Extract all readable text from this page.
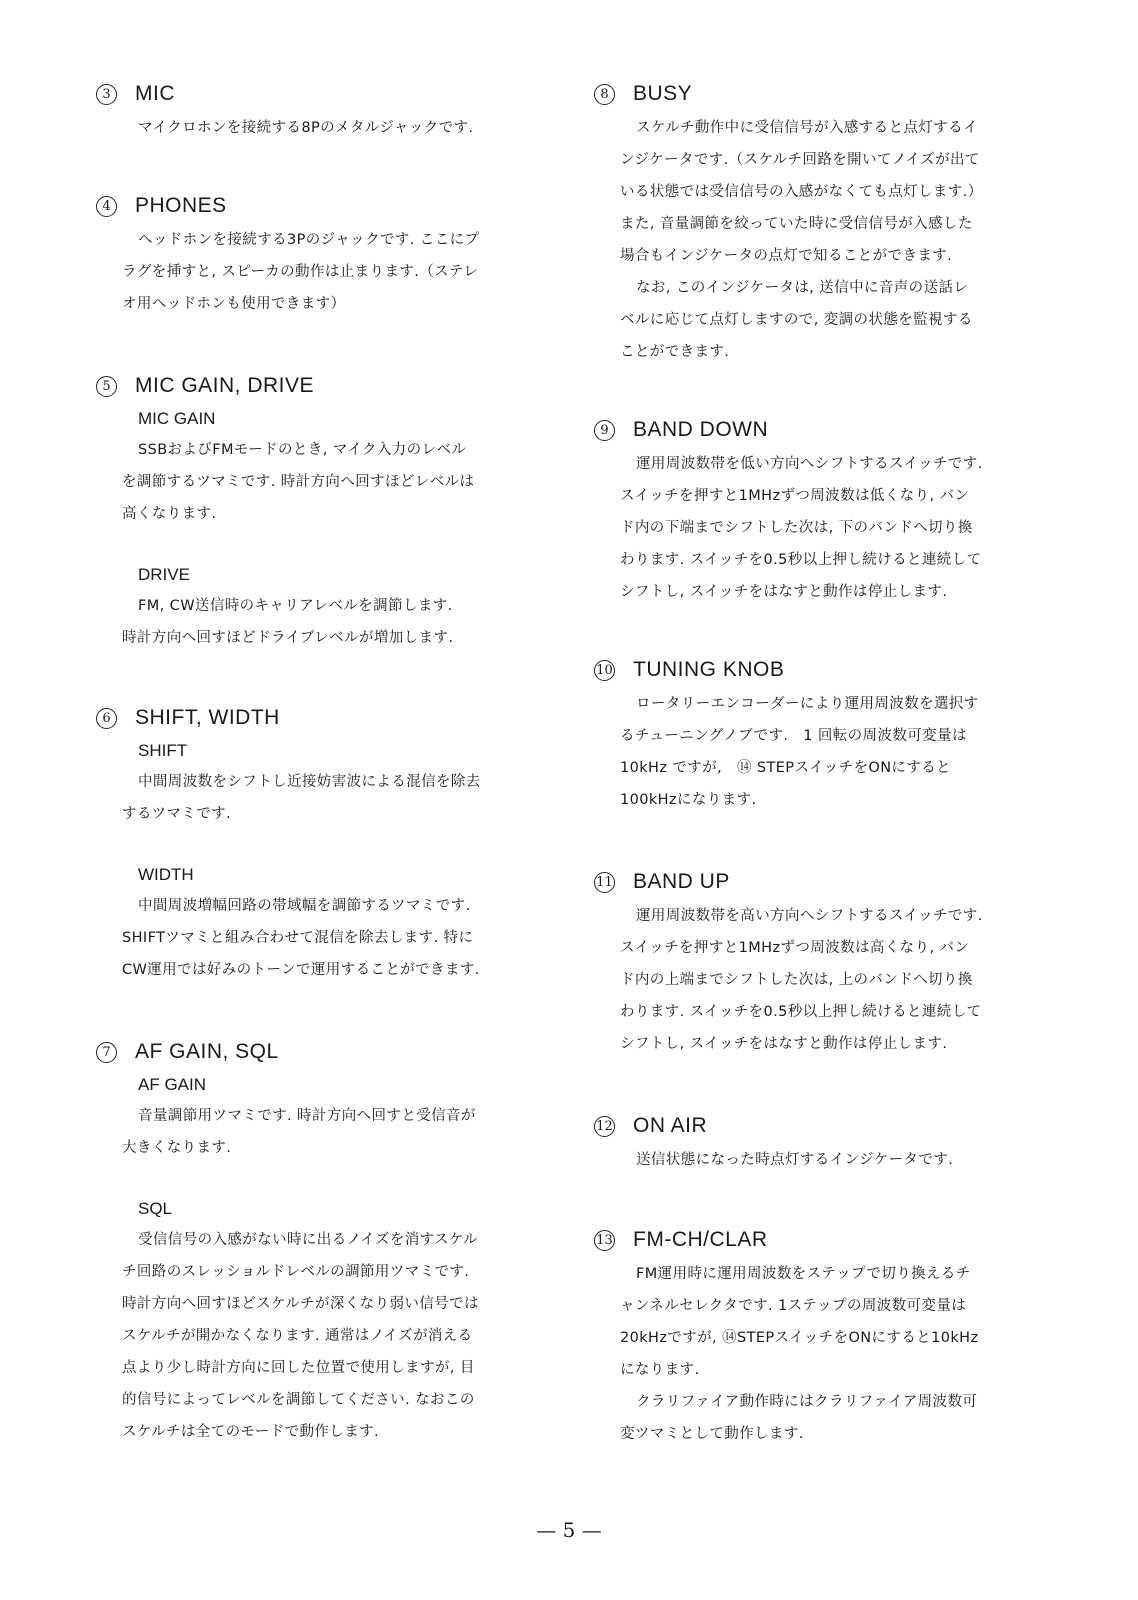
3	MIC

マイクロホンを接続する8Pのメタルジャックです.

4	PHONES

ヘッドホンを接続する3Pのジャックです. ここにプ
ラグを挿すと, スピーカの動作は止まります.（ステレ
オ用ヘッドホンも使用できます）

5	MIC GAIN, DRIVE
MIC GAIN

SSBおよびFMモードのとき, マイク入力のレベル
を調節するツマミです. 時計方向へ回すほどレベルは
高くなります.

DRIVE

FM, CW送信時のキャリアレベルを調節します.
時計方向へ回すほどドライブレベルが増加します.

6	SHIFT, WIDTH
SHIFT

中間周波数をシフトし近接妨害波による混信を除去
するツマミです.

WIDTH

中間周波増幅回路の帯域幅を調節するツマミです.
SHIFTツマミと組み合わせて混信を除去します. 特に
CW運用では好みのトーンで運用することができます.

7	AF GAIN, SQL
AF GAIN

音量調節用ツマミです. 時計方向へ回すと受信音が
大きくなります.

SQL

受信信号の入感がない時に出るノイズを消すスケル
チ回路のスレッショルドレベルの調節用ツマミです.
時計方向へ回すほどスケルチが深くなり弱い信号では
スケルチが開かなくなります. 通常はノイズが消える
点より少し時計方向に回した位置で使用しますが, 目
的信号によってレベルを調節してください. なおこの
スケルチは全てのモードで動作します.

8	BUSY

スケルチ動作中に受信信号が入感すると点灯するイ
ンジケータです.（スケルチ回路を開いてノイズが出て
いる状態では受信信号の入感がなくても点灯します.）
また, 音量調節を絞っていた時に受信信号が入感した
場合もインジケータの点灯で知ることができます.

なお, このインジケータは, 送信中に音声の送話レ
ベルに応じて点灯しますので, 変調の状態を監視する
ことができます.

9	BAND DOWN

運用周波数帯を低い方向へシフトするスイッチです.
スイッチを押すと1MHzずつ周波数は低くなり, バン
ド内の下端までシフトした次は, 下のバンドへ切り換
わります. スイッチを0.5秒以上押し続けると連続して
シフトし, スイッチをはなすと動作は停止します.

10 TUNING KNOB

ロータリーエンコーダーにより運用周波数を選択す
るチューニングノブです.　1 回転の周波数可変量は
10kHz ですが,　⑭ STEPスイッチをONにすると
100kHzになります.

11 BAND UP

運用周波数帯を高い方向へシフトするスイッチです.
スイッチを押すと1MHzずつ周波数は高くなり, バン
ド内の上端までシフトした次は, 上のバンドへ切り換
わります. スイッチを0.5秒以上押し続けると連続して
シフトし, スイッチをはなすと動作は停止します.

12 ON AIR

送信状態になった時点灯するインジケータです.

13 FM-CH/CLAR

FM運用時に運用周波数をステップで切り換えるチ
ャンネルセレクタです. 1ステップの周波数可変量は
20kHzですが, ⑭STEPスイッチをONにすると10kHz
になります.

クラリファイア動作時にはクラリファイア周波数可
変ツマミとして動作します.

— 5 —
